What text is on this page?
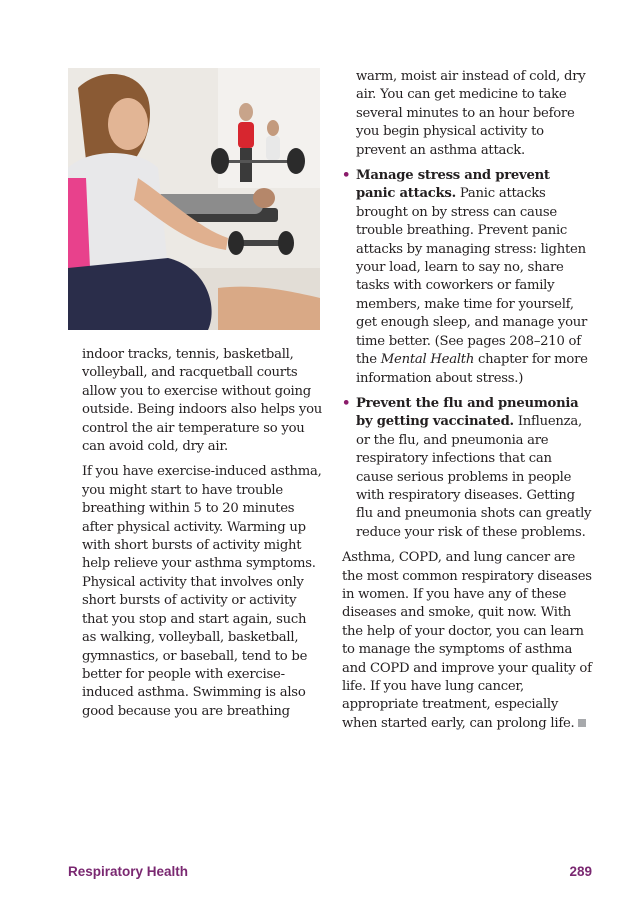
indoor tracks, tennis, basketball, volleyball, and racquetball courts allow you to exercise without going outside. Being indoors also helps you control the air temperature so you can avoid cold, dry air.

If you have exercise-induced asthma, you might start to have trouble breathing within 5 to 20 minutes after physical activity. Warming up with short bursts of activity might help relieve your asthma symptoms. Physical activity that involves only short bursts of activity or activity that you stop and start again, such as walking, volleyball, basketball, gymnastics, or baseball, tend to be better for people with exercise-induced asthma. Swimming is also good because you are breathing

warm, moist air instead of cold, dry air. You can get medicine to take several minutes to an hour before you begin physical activity to prevent an asthma attack.

• Manage stress and prevent panic attacks. Panic attacks brought on by stress can cause trouble breathing. Prevent panic attacks by managing stress: lighten your load, learn to say no, share tasks with coworkers or family members, make time for yourself, get enough sleep, and manage your time better. (See pages 208–210 of the Mental Health chapter for more information about stress.)

• Prevent the flu and pneumonia by getting vaccinated. Influenza, or the flu, and pneumonia are respiratory infections that can cause serious problems in people with respiratory diseases. Getting flu and pneumonia shots can greatly reduce your risk of these problems.

Asthma, COPD, and lung cancer are the most common respiratory diseases in women. If you have any of these diseases and smoke, quit now. With the help of your doctor, you can learn to manage the symptoms of asthma and COPD and improve your quality of life. If you have lung cancer, appropriate treatment, especially when started early, can prolong life.

Respiratory Health	289
